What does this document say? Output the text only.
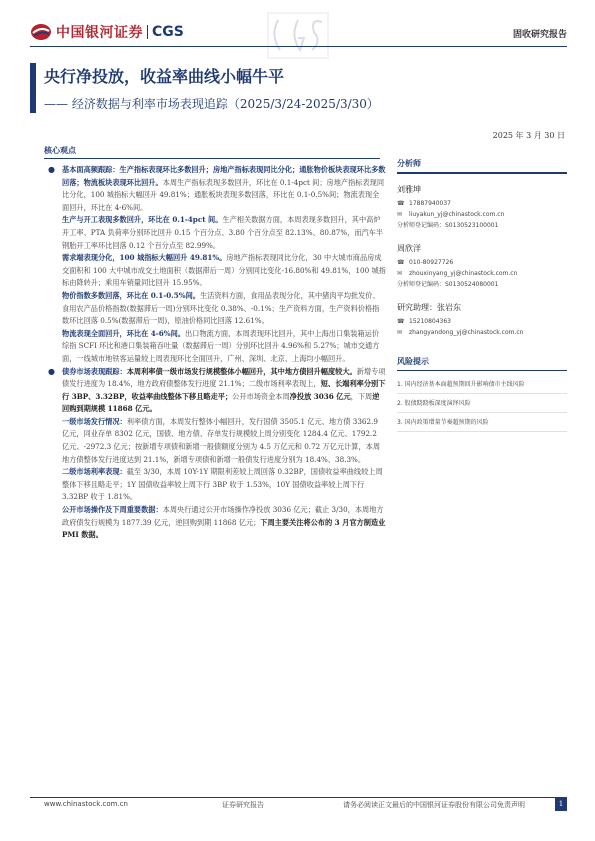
中国银河证券 CGS	固收研究报告
央行净投放，收益率曲线小幅牛平
—— 经济数据与利率市场表现追踪（2025/3/24-2025/3/30）
2025 年 3 月 30 日
核心观点
● 基本面高频跟踪：生产指标表现环比多数回升；房地产指标表现同比分化；通胀物价板块表现环比多数回落；物流板块表现环比回升。本周生产指标表现多数回升，环比在 0.1-4pct 间；房地产指标表现同比分化，100 城指标大幅回升 49.81%；通胀板块表现多数回落，环比在 0.1-0.5%间；物流表现全面回升，环比在 4-6%间。
生产与开工表现多数回升，环比在 0.1-4pct 间。生产相关数据方面，本周表现多数回升，其中高炉开工率、PTA 负荷率分别环比回升 0.15 个百分点、3.80 个百分点至 82.13%、80.87%，而汽车半钢胎开工率环比回落 0.12 个百分点至 82.99%。
需求端表现分化，100 城指标大幅回升 49.81%。房地产指标表现同比分化，30 中大城市商品房成交面积和 100 大中城市成交土地面积（数据滞后一周）分别同比变化-16.80%和 49.81%，100 城指标由降转升；乘用车销量同比回升 15.95%。
物价指数多数回落，环比在 0.1-0.5%间。生活资料方面，食用品表现分化，其中猪肉平均批发价、食用农产品价格指数(数据滞后一周)分别环比变化 0.38%、-0.1%；生产资料方面，生产资料价格指数环比回落 0.5%(数据滞后一周)，原油价格同比回落 12.61%。
物流表现全面回升，环比在 4-6%间。出口物流方面，本周表现环比回升，其中上海出口集装箱运价综指 SCFI 环比和港口集装箱吞吐量（数据滞后一周）分别环比回升 4.96%和 5.27%；城市交通方面，一线城市地铁客运量较上周表现环比全面回升，广州、深圳、北京、上海均小幅回升。
● 债券市场表现跟踪：本周利率债一级市场发行规模整体小幅回升，其中地方债回升幅度较大。新增专项债发行进度为 18.4%，地方政府债整体发行进度 21.1%；二级市场利率表现上，短、长端利率分别下行 3BP、3.32BP，收益率曲线整体下移且略走平；公开市场资金本周净投放 3036 亿元，下周逆回购到期规模 11868 亿元。
一级市场发行情况：利率债方面，本周发行整体小幅回升，发行国债 3505.1 亿元、地方债 3362.9 亿元，同业存单 8302 亿元，国债、地方债、存单发行规模较上周分别变化 1284.4 亿元、1792.2 亿元、-2972.3 亿元；按新增专项债和新增一般债额度分别为 4.5 万亿元和 0.72 万亿元计算，本周地方债整体发行进度达到 21.1%，新增专项债和新增一般债发行进度分别为 18.4%、38.3%。
二级市场利率表现：截至 3/30，本周 10Y-1Y 期限利差较上周回落 0.32BP，国债收益率曲线较上周整体下移且略走平；1Y 国债收益率较上周下行 3BP 收于 1.53%，10Y 国债收益率较上周下行 3.32BP 收于 1.81%。
公开市场操作及下周重要数据：本周央行通过公开市场操作净投放 3036 亿元；截止 3/30，本周地方政府债发行规模为 1877.39 亿元，逆回购到期 11868 亿元；下周主要关注将公布的 3 月官方制造业 PMI 数据。
分析师
刘雅坤
☎ 17887940037
✉ liuyakun_yj@chinastock.com.cn
分析师登记编码：S0130523100001
周欣洋
☎ 010-80927726
✉ zhouxinyang_yj@chinastock.com.cn
分析师登记编码：S0130524080001
研究助理：张岩东
☎ 15210804363
✉ zhangyandong_yj@chinastock.com.cn
风险提示
1. 国内经济基本面超预期回升影响债市主线风险
2. 股债跷跷板深度演绎风险
3. 国内政策增量节奏超预期的风险
www.chinastock.com.cn	证券研究报告	请务必阅读正文最后的中国银河证券股份有限公司免责声明	1
